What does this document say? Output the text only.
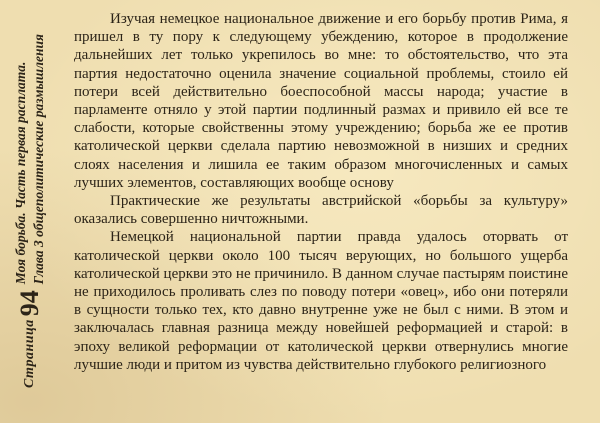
Страница
94
Моя борьба. Часть первая расплата. Глава 3 общеполитические размышления

Изучая немецкое национальное движение и его борьбу против Рима, я пришел в ту пору к следующему убеждению, которое в продолжение дальнейших лет только укрепилось во мне: то обстоятельство, что эта партия недостаточно оценила значение социальной проблемы, стоило ей потери всей действительно боеспособной массы народа; участие в парламенте отняло у этой партии подлинный размах и привило ей все те слабости, которые свойственны этому учреждению; борьба же ее против католической церкви сделала партию невозможной в низших и средних слоях населения и лишила ее таким образом многочисленных и самых лучших элементов, составляющих вообще основу

Практические же результаты австрийской «борьбы за культуру» оказались совершенно ничтожными.

Немецкой национальной партии правда удалось оторвать от католической церкви около 100 тысяч верующих, но большого ущерба католической церкви это не причинило. В данном случае пастырям поистине не приходилось проливать слез по поводу потери «овец», ибо они потеряли в сущности только тех, кто давно внутренне уже не был с ними. В этом и заключалась главная разница между новейшей реформацией и старой: в эпоху великой реформации от католической церкви отвернулись многие лучшие люди и притом из чувства действительно глубокого религиозного
